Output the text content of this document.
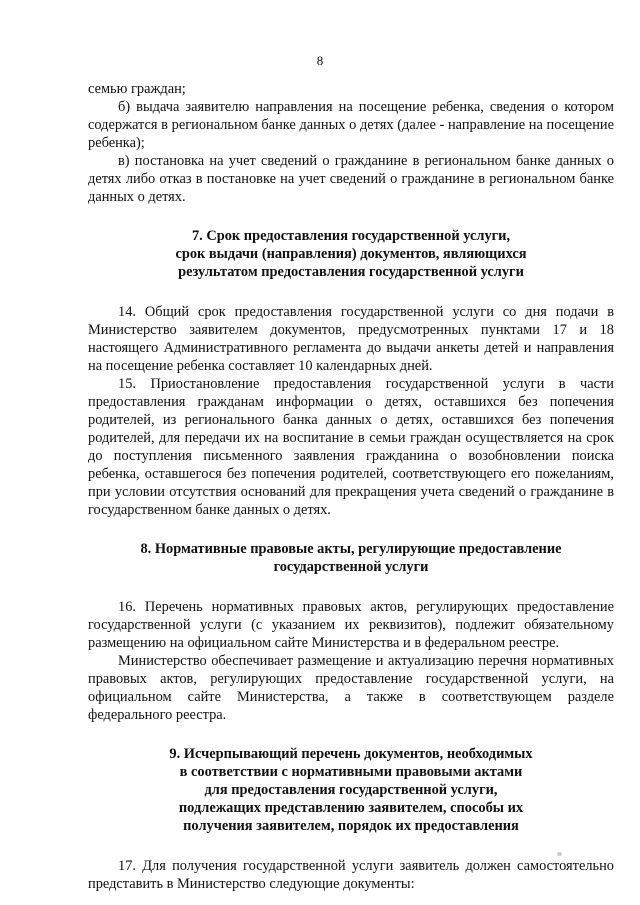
8

семью граждан;

б) выдача заявителю направления на посещение ребенка, сведения о котором содержатся в региональном банке данных о детях (далее - направление на посещение ребенка);

в) постановка на учет сведений о гражданине в региональном банке данных о детях либо отказ в постановке на учет сведений о гражданине в региональном банке данных о детях.

7. Срок предоставления государственной услуги,
срок выдачи (направления) документов, являющихся
результатом предоставления государственной услуги

14. Общий срок предоставления государственной услуги со дня подачи в Министерство заявителем документов, предусмотренных пунктами 17 и 18 настоящего Административного регламента до выдачи анкеты детей и направления на посещение ребенка составляет 10 календарных дней.

15. Приостановление предоставления государственной услуги в части предоставления гражданам информации о детях, оставшихся без попечения родителей, из регионального банка данных о детях, оставшихся без попечения родителей, для передачи их на воспитание в семьи граждан осуществляется на срок до поступления письменного заявления гражданина о возобновлении поиска ребенка, оставшегося без попечения родителей, соответствующего его пожеланиям, при условии отсутствия оснований для прекращения учета сведений о гражданине в государственном банке данных о детях.

8. Нормативные правовые акты, регулирующие предоставление
государственной услуги

16. Перечень нормативных правовых актов, регулирующих предоставление государственной услуги (с указанием их реквизитов), подлежит обязательному размещению на официальном сайте Министерства и в федеральном реестре.

Министерство обеспечивает размещение и актуализацию перечня нормативных правовых актов, регулирующих предоставление государственной услуги, на официальном сайте Министерства, а также в соответствующем разделе федерального реестра.

9. Исчерпывающий перечень документов, необходимых
в соответствии с нормативными правовыми актами
для предоставления государственной услуги,
подлежащих представлению заявителем, способы их
получения заявителем, порядок их предоставления

17. Для получения государственной услуги заявитель должен самостоятельно представить в Министерство следующие документы:
